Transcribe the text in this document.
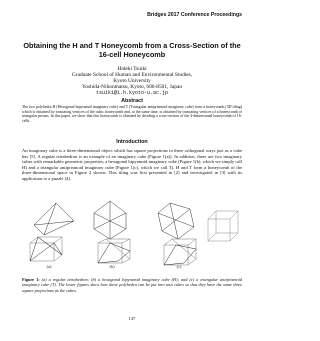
Bridges 2017 Conference Proceedings
Obtaining the H and T Honeycomb from a Cross-Section of the
16-cell Honeycomb
Hideki Tsuiki
Graduate School of Human and Environmental Studies,
Kyoto University
Yoshida-Nihonmatsu, Kyoto, 606-8501, Japan
tsuiki@i.h.kyoto-u.ac.jp
Abstract
The two polyhedra H (Hexagonal bipyramid imaginary cube) and T (Triangular antiprismoid imaginary cube) form a honeycomb (3D tiling) which is obtained by truncating vertices of the cubic honeycomb and, at the same time, is obtained by truncating vertices of a honeycomb of triangular prisms. In this paper, we show that this honeycomb is obtained by dividing a cross-section of the 4-dimensional honeycomb of 16-cells.
Introduction
An imaginary cube is a three-dimensional object which has square projections in three orthogonal ways just as a cube has [5]. A regular tetrahedron is an example of an imaginary cube (Figure 1(a)). In addition, there are two imaginary cubes with remarkable geometric properties; a hexagonal bipyramid imaginary cube (Figure 1(b), which we simply call H) and a triangular antiprismoid imaginary cube (Figure 1(c), which we call T). H and T form a honeycomb of the three-dimensional space in Figure 2 shown. This tiling was first presented in [2] and investigated in [3] with its application to a puzzle [4].
(a)	(b)	(c)
Figure 1: (a) a regular tetrahedron; (b) a hexagonal bipyramid imaginary cube (H); and (c) a triangular antiprismoid imaginary cube (T). The lower figures show how these polyhedra can be put into unit cubes so that they have the same three square projections as the cubes.
147
